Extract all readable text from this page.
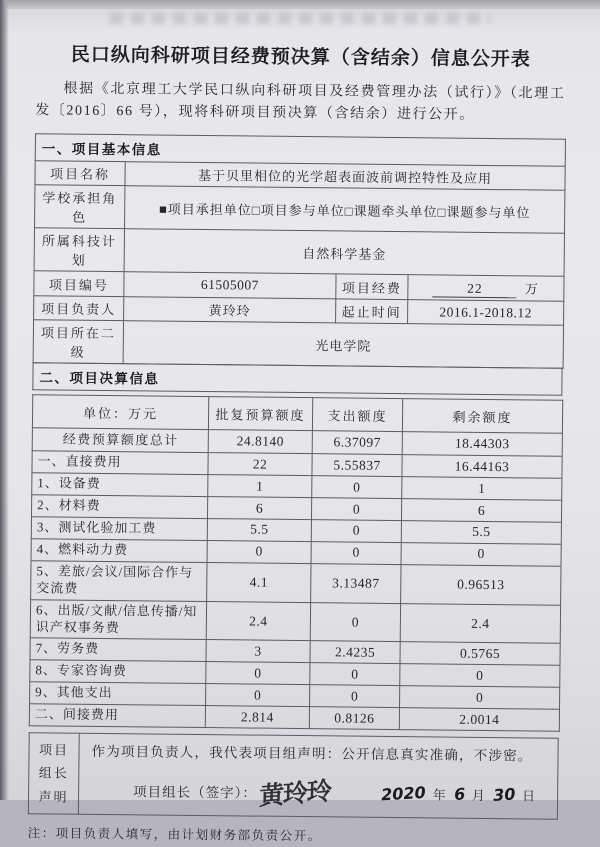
民口纵向科研项目经费预决算（含结余）信息公开表

根据《北京理工大学民口纵向科研项目及经费管理办法（试行）》（北理工发〔2016〕66 号），现将科研项目预决算（含结余）进行公开。

一、项目基本信息			
项目名称	基于贝里相位的光学超表面波前调控特性及应用		
学校承担角色	■项目承担单位□项目参与单位□课题牵头单位□课题参与单位		
所属科技计划	自然科学基金		
项目编号	61505007	项目经费	22 万
项目负责人	黄玲玲	起止时间	2016.1-2018.12
项目所在二级	光电学院		
二、项目决算信息
单位：万元	批复预算额度	支出额度	剩余额度
经费预算额度总计	24.8140	6.37097	18.44303
一、直接费用	22	5.55837	16.44163
1、设备费	1	0	1
2、材料费	6	0	6
3、测试化验加工费	5.5	0	5.5
4、燃料动力费	0	0	0
5、差旅/会议/国际合作与交流费	4.1	3.13487	0.96513
6、出版/文献/信息传播/知识产权事务费	2.4	0	2.4
7、劳务费	3	2.4235	0.5765
8、专家咨询费	0	0	0
9、其他支出	0	0	0
二、间接费用	2.814	0.8126	2.0014
项目
组长
声明

作为项目负责人，我代表项目组声明：公开信息真实准确，不涉密。
项目组长（签字）： 黄玲玲	2020 年 6 月 30 日
注：项目负责人填写，由计划财务部负责公开。
